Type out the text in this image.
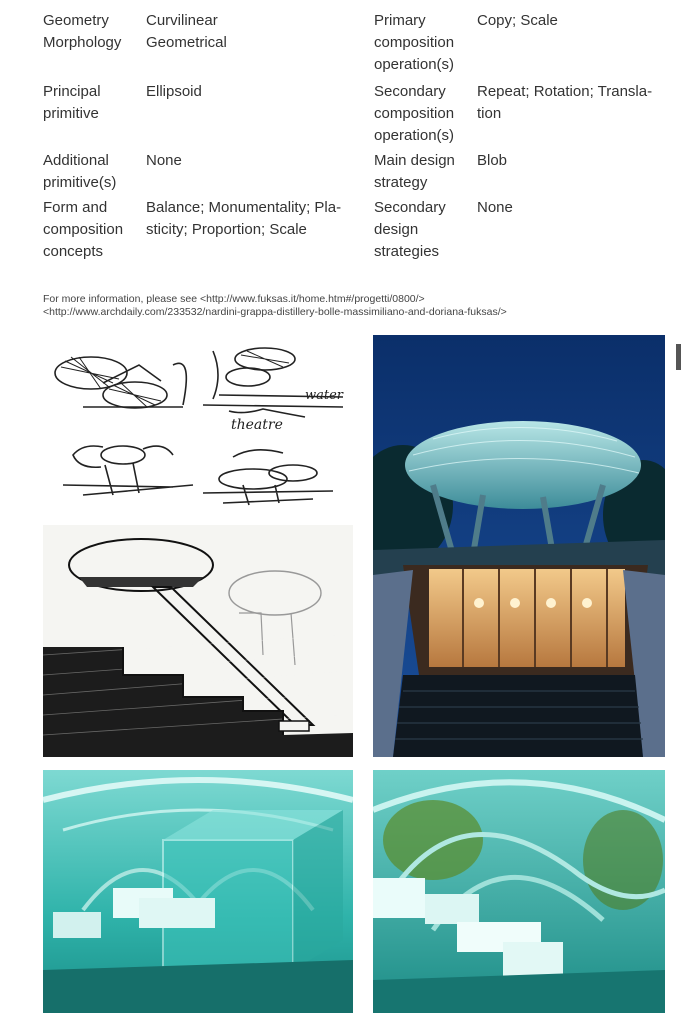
Geometry
Morphology
Curvilinear
Geometrical
Primary
composition
operation(s)
Copy; Scale
Principal
primitive
Ellipsoid	Secondary
composition
operation(s)
Repeat; Rotation; Transla-
tion
Additional
primitive(s)
None	Main design
strategy
Blob
Form and
composition
concepts
Balance; Monumentality; Pla-
sticity; Proportion; Scale
Secondary
design
strategies
None
For more information, please see <http://www.fuksas.it/home.htm#/progetti/0800/>
<http://www.archdaily.com/233532/nardini-grappa-distillery-bolle-massimiliano-and-doriana-fuksas/>
water
theatre
